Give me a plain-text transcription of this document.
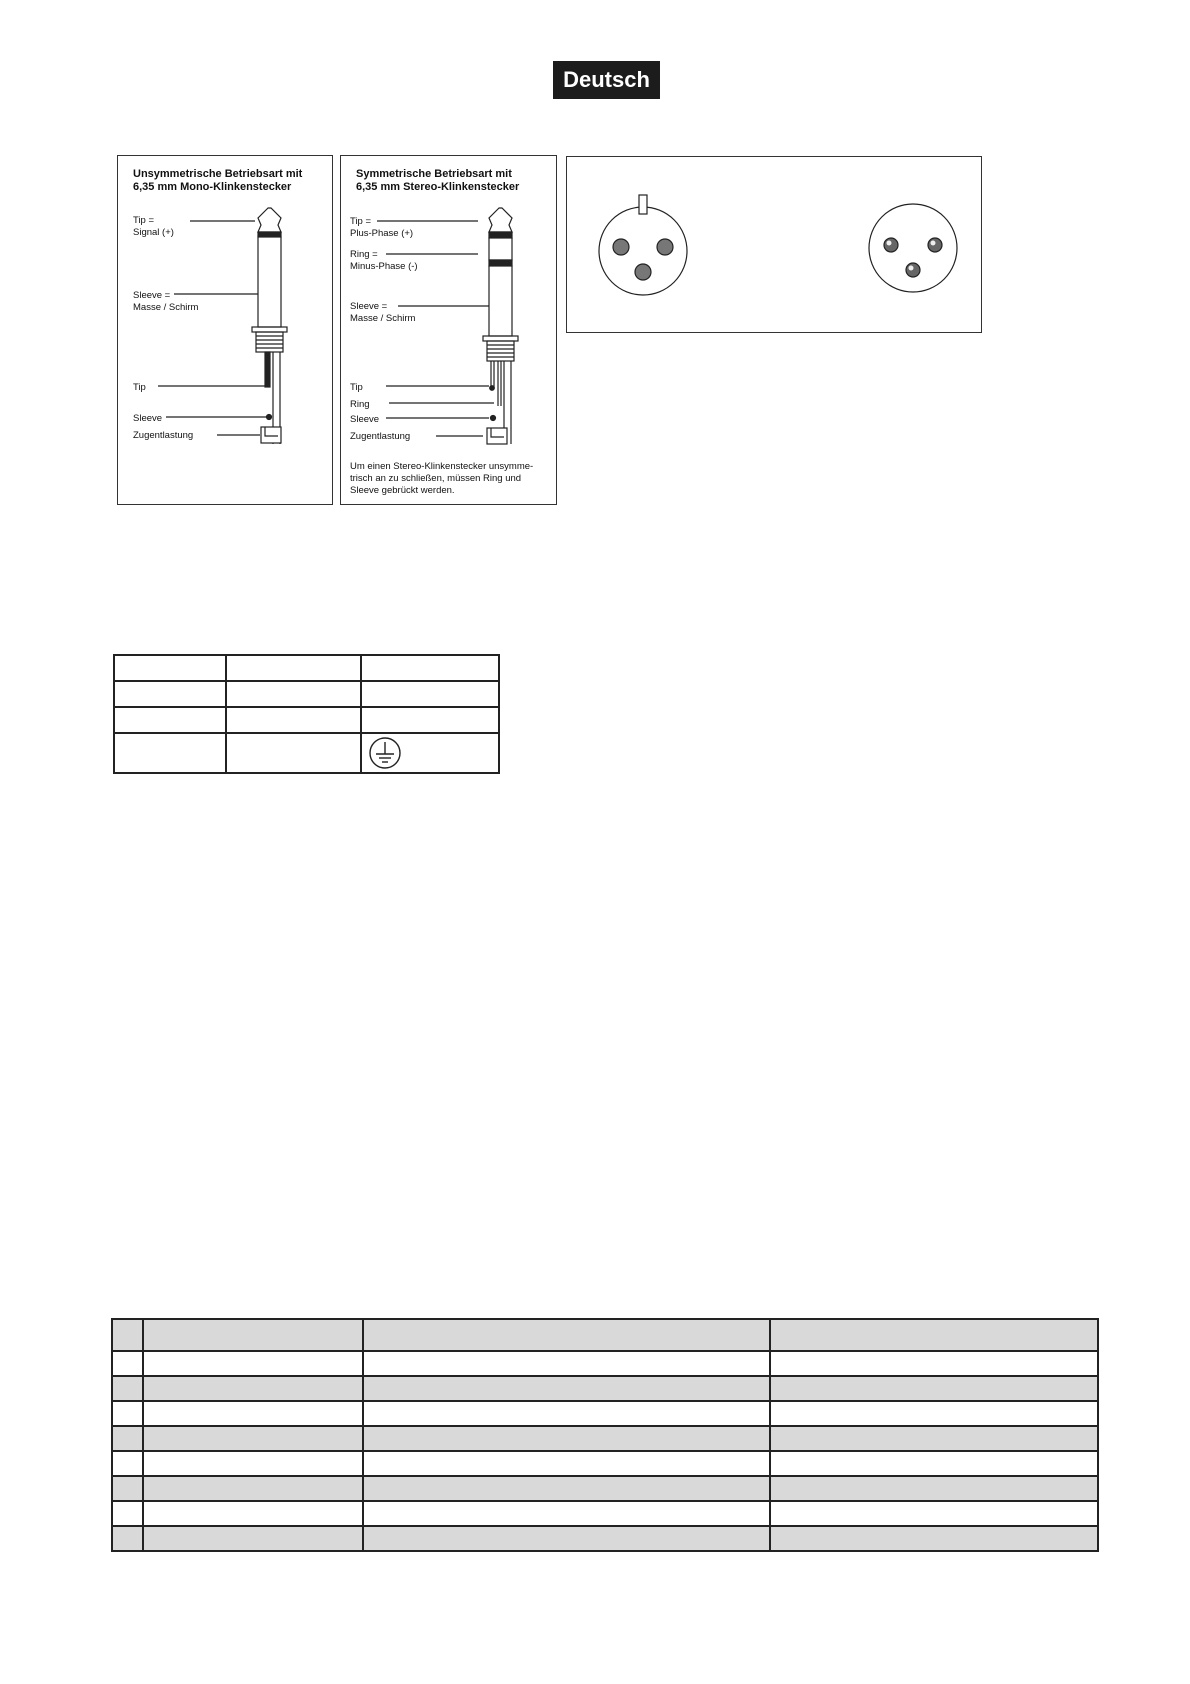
Deutsch
Unsymmetrische Betriebsart mit
6,35 mm Mono-Klinkenstecker
Tip =
Signal (+)
Sleeve =
Masse / Schirm
Tip
Sleeve
Zugentlastung
Symmetrische Betriebsart mit
6,35 mm Stereo-Klinkenstecker
Tip =
Plus-Phase (+)
Ring =
Minus-Phase (-)
Sleeve =
Masse / Schirm
Tip
Ring
Sleeve
Zugentlastung
Um einen Stereo-Klinkenstecker unsymme-
trisch an zu schließen, müssen Ring und
Sleeve gebrückt werden.
